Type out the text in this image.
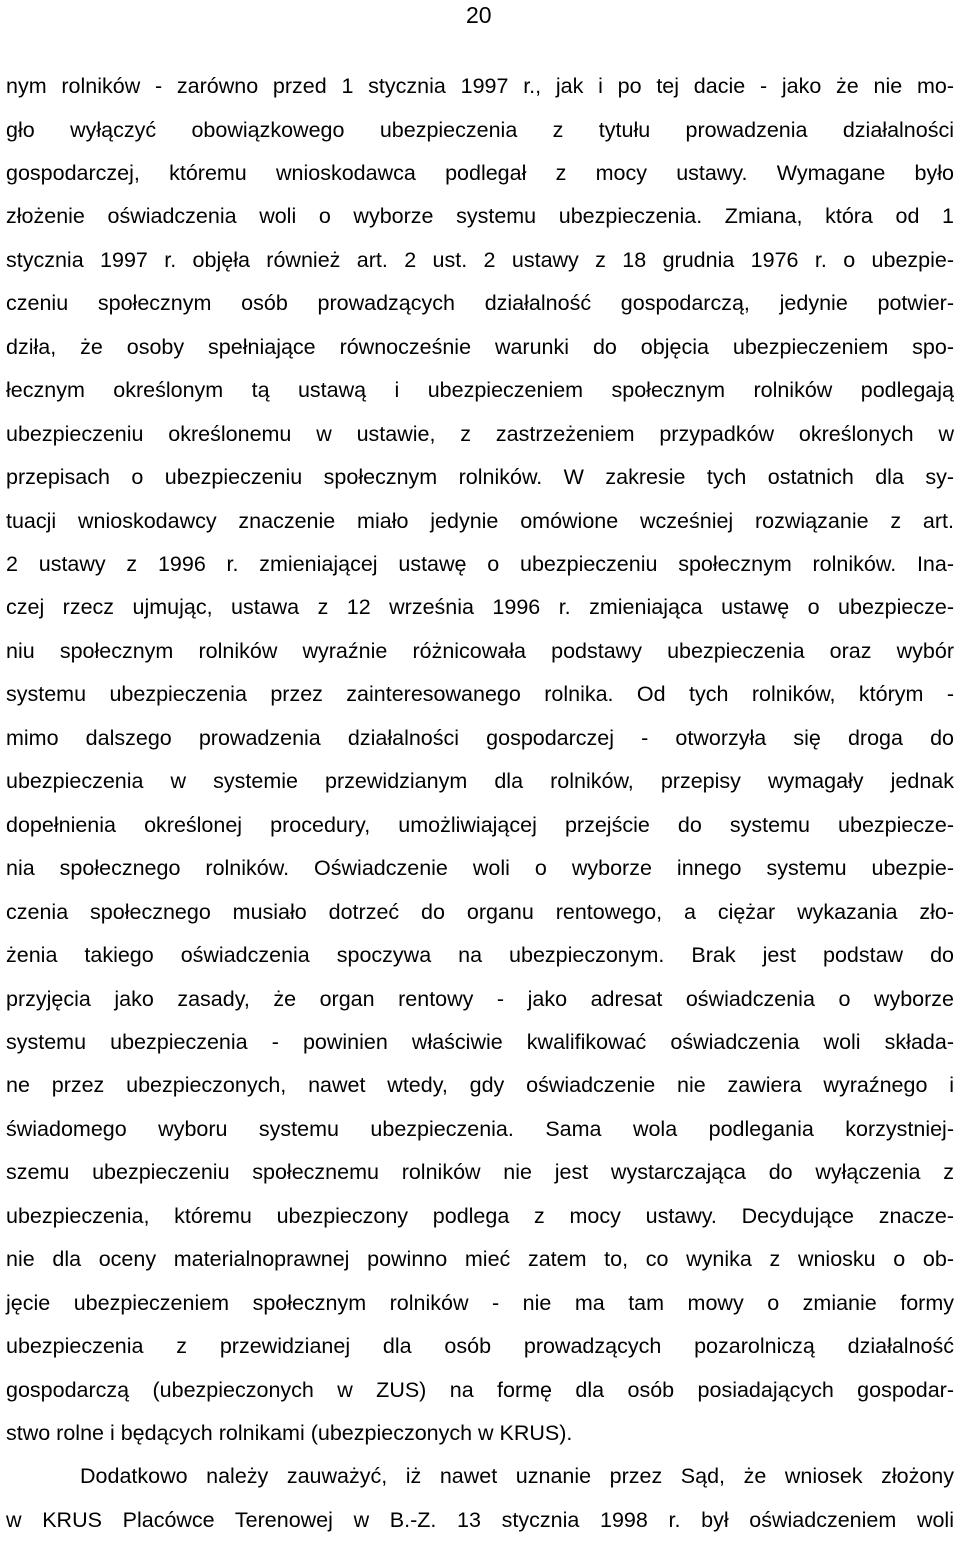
20
nym rolników - zarówno przed 1 stycznia 1997 r., jak i po tej dacie - jako że nie mo-
gło wyłączyć obowiązkowego ubezpieczenia z tytułu prowadzenia działalności
gospodarczej, któremu wnioskodawca podlegał z mocy ustawy. Wymagane było
złożenie oświadczenia woli o wyborze systemu ubezpieczenia. Zmiana, która od 1
stycznia 1997 r. objęła również art. 2 ust. 2 ustawy z 18 grudnia 1976 r. o ubezpie-
czeniu społecznym osób prowadzących działalność gospodarczą, jedynie potwier-
dziła, że osoby spełniające równocześnie warunki do objęcia ubezpieczeniem spo-
łecznym określonym tą ustawą i ubezpieczeniem społecznym rolników podlegają
ubezpieczeniu określonemu w ustawie, z zastrzeżeniem przypadków określonych w
przepisach o ubezpieczeniu społecznym rolników. W zakresie tych ostatnich dla sy-
tuacji wnioskodawcy znaczenie miało jedynie omówione wcześniej rozwiązanie z art.
2 ustawy z 1996 r. zmieniającej ustawę o ubezpieczeniu społecznym rolników. Ina-
czej rzecz ujmując, ustawa z 12 września 1996 r. zmieniająca ustawę o ubezpiecze-
niu społecznym rolników wyraźnie różnicowała podstawy ubezpieczenia oraz wybór
systemu ubezpieczenia przez zainteresowanego rolnika. Od tych rolników, którym -
mimo dalszego prowadzenia działalności gospodarczej - otworzyła się droga do
ubezpieczenia w systemie przewidzianym dla rolników, przepisy wymagały jednak
dopełnienia określonej procedury, umożliwiającej przejście do systemu ubezpiecze-
nia społecznego rolników. Oświadczenie woli o wyborze innego systemu ubezpie-
czenia społecznego musiało dotrzeć do organu rentowego, a ciężar wykazania zło-
żenia takiego oświadczenia spoczywa na ubezpieczonym. Brak jest podstaw do
przyjęcia jako zasady, że organ rentowy - jako adresat oświadczenia o wyborze
systemu ubezpieczenia - powinien właściwie kwalifikować oświadczenia woli składa-
ne przez ubezpieczonych, nawet wtedy, gdy oświadczenie nie zawiera wyraźnego i
świadomego wyboru systemu ubezpieczenia. Sama wola podlegania korzystniej-
szemu ubezpieczeniu społecznemu rolników nie jest wystarczająca do wyłączenia z
ubezpieczenia, któremu ubezpieczony podlega z mocy ustawy. Decydujące znacze-
nie dla oceny materialnoprawnej powinno mieć zatem to, co wynika z wniosku o ob-
jęcie ubezpieczeniem społecznym rolników - nie ma tam mowy o zmianie formy
ubezpieczenia z przewidzianej dla osób prowadzących pozarolniczą działalność
gospodarczą (ubezpieczonych w ZUS) na formę dla osób posiadających gospodar-
stwo rolne i będących rolnikami (ubezpieczonych w KRUS).
Dodatkowo należy zauważyć, iż nawet uznanie przez Sąd, że wniosek złożony
w KRUS Placówce Terenowej w B.-Z. 13 stycznia 1998 r. był oświadczeniem woli
